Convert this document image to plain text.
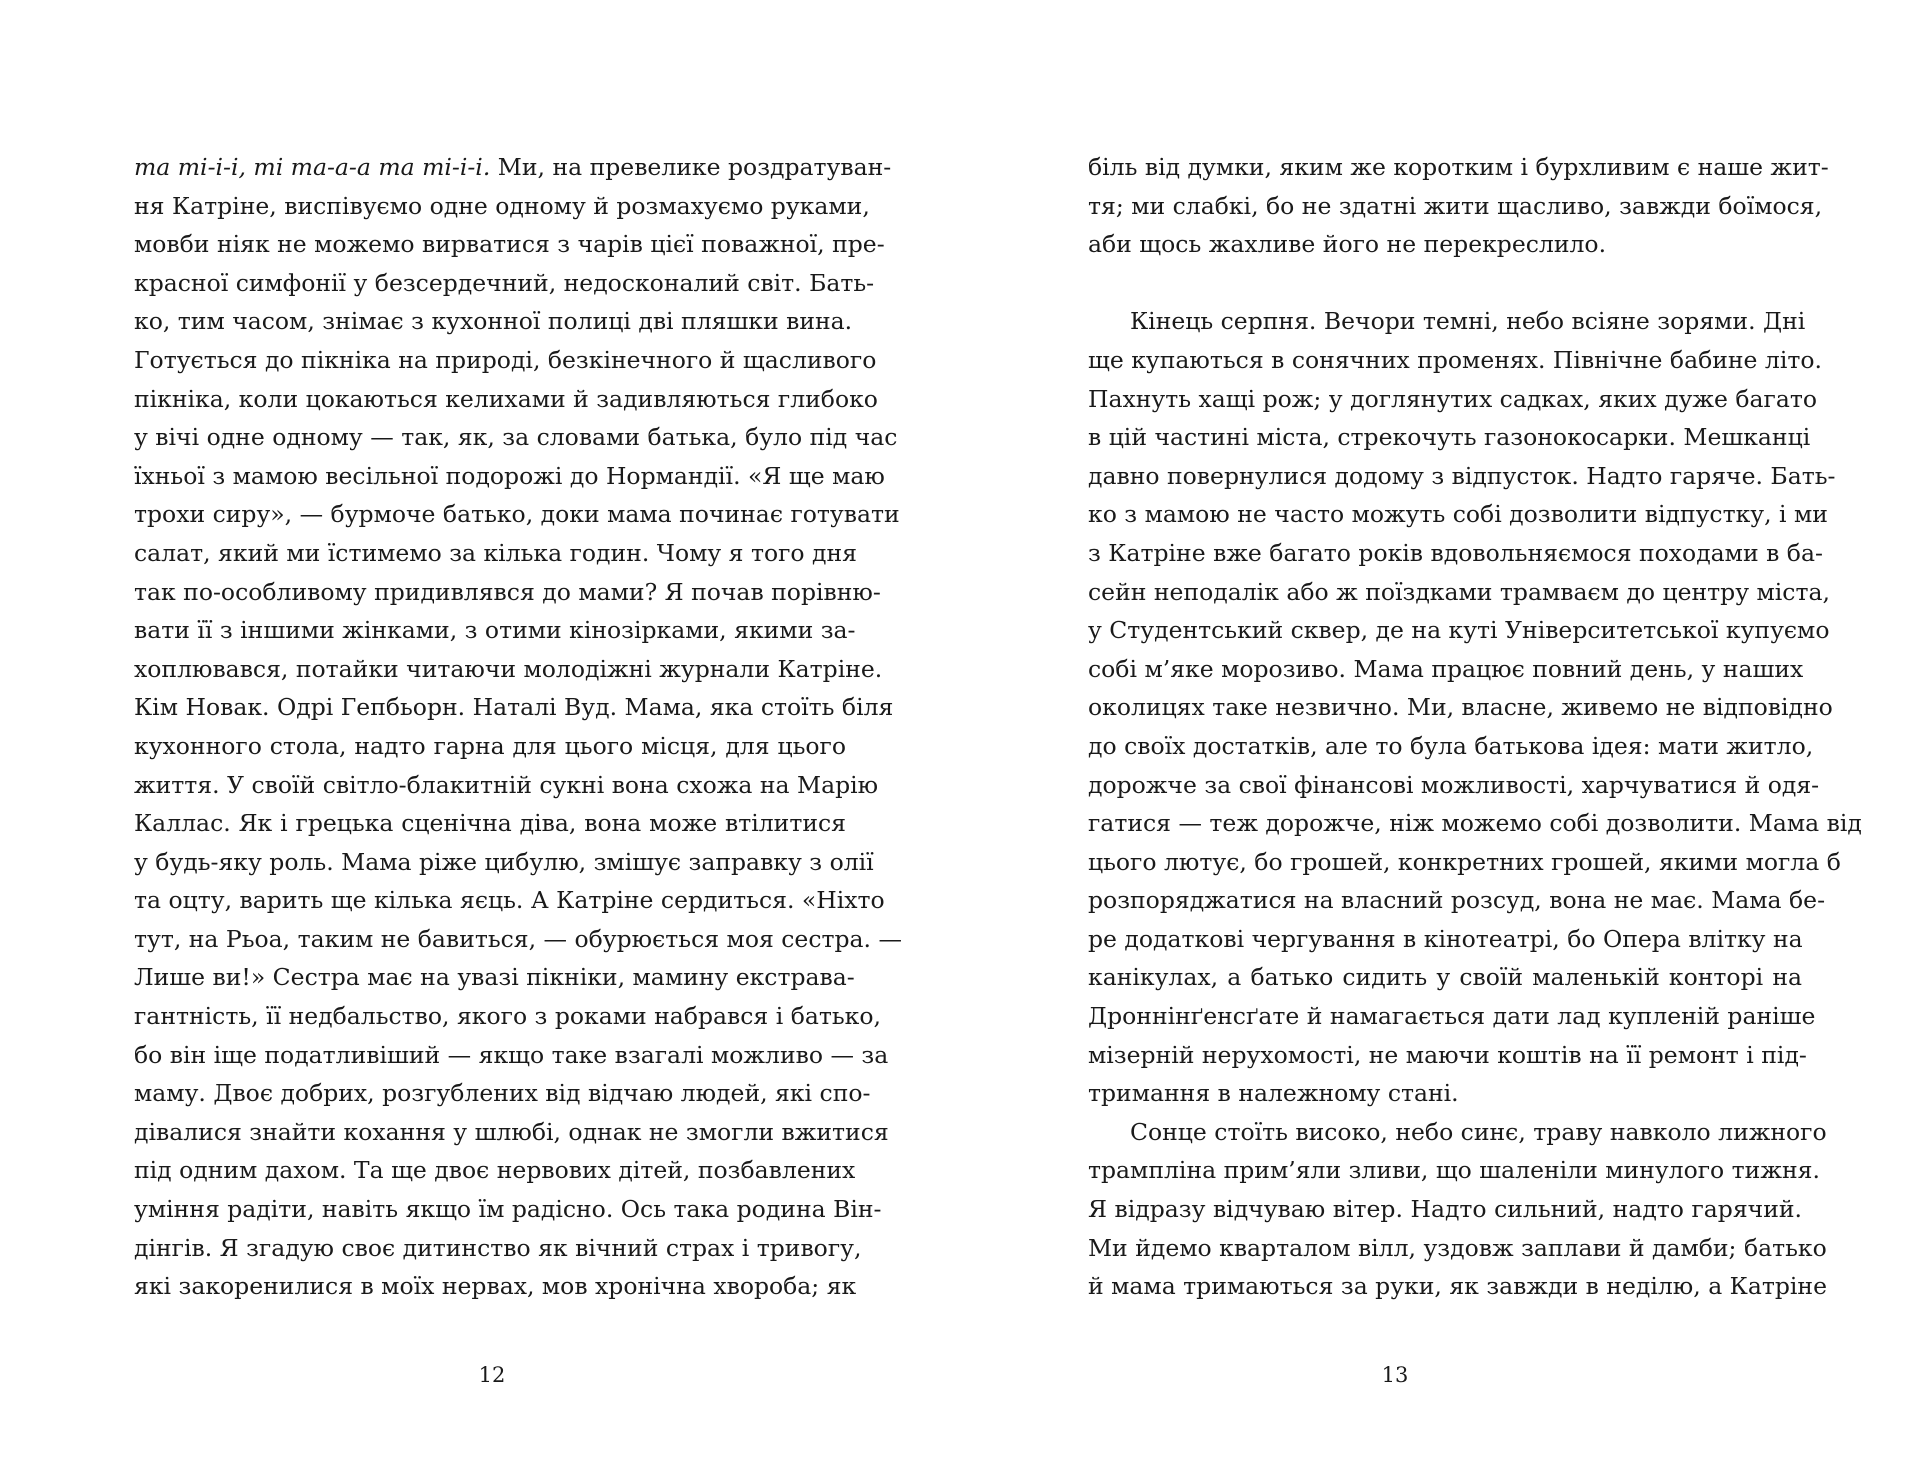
та ті-і-і, ті та-а-а та ті-і-і. Ми, на превелике роздратуван-
ня Катріне, виспівуємо одне одному й розмахуємо руками,
мовби ніяк не можемо вирватися з чарів цієї поважної, пре-
красної симфонії у безсердечний, недосконалий світ. Бать-
ко, тим часом, знімає з кухонної полиці дві пляшки вина.
Готується до пікніка на природі, безкінечного й щасливого
пікніка, коли цокаються келихами й задивляються глибоко
у вічі одне одному — так, як, за словами батька, було під час
їхньої з мамою весільної подорожі до Нормандії. «Я ще маю
трохи сиру», — бурмоче батько, доки мама починає готувати
салат, який ми їстимемо за кілька годин. Чому я того дня
так по-особливому придивлявся до мами? Я почав порівню-
вати її з іншими жінками, з отими кінозірками, якими за-
хоплювався, потайки читаючи молодіжні журнали Катріне.
Кім Новак. Одрі Гепбьорн. Наталі Вуд. Мама, яка стоїть біля
кухонного стола, надто гарна для цього місця, для цього
життя. У своїй світло-блакитній сукні вона схожа на Марію
Каллас. Як і грецька сценічна діва, вона може втілитися
у будь-яку роль. Мама ріже цибулю, змішує заправку з олії
та оцту, варить ще кілька яєць. А Катріне сердиться. «Ніхто
тут, на Рьоа, таким не бавиться, — обурюється моя сестра. —
Лише ви!» Сестра має на увазі пікніки, мамину екстрава-
гантність, її недбальство, якого з роками набрався і батько,
бо він іще податливіший — якщо таке взагалі можливо — за
маму. Двоє добрих, розгублених від відчаю людей, які спо-
дівалися знайти кохання у шлюбі, однак не змогли вжитися
під одним дахом. Та ще двоє нервових дітей, позбавлених
уміння радіти, навіть якщо їм радісно. Ось така родина Він-
дінгів. Я згадую своє дитинство як вічний страх і тривогу,
які закоренилися в моїх нервах, мов хронічна хвороба; як
12
біль від думки, яким же коротким і бурхливим є наше жит-
тя; ми слабкі, бо не здатні жити щасливо, завжди боїмося,
аби щось жахливе його не перекреслило.
Кінець серпня. Вечори темні, небо всіяне зорями. Дні
ще купаються в сонячних променях. Північне бабине літо.
Пахнуть хащі рож; у доглянутих садках, яких дуже багато
в цій частині міста, стрекочуть газонокосарки. Мешканці
давно повернулися додому з відпусток. Надто гаряче. Бать-
ко з мамою не часто можуть собі дозволити відпустку, і ми
з Катріне вже багато років вдовольняємося походами в ба-
сейн неподалік або ж поїздками трамваєм до центру міста,
у Студентський сквер, де на куті Університетської купуємо
собі м’яке морозиво. Мама працює повний день, у наших
околицях таке незвично. Ми, власне, живемо не відповідно
до своїх достатків, але то була батькова ідея: мати житло,
дорожче за свої фінансові можливості, харчуватися й одя-
гатися — теж дорожче, ніж можемо собі дозволити. Мама від
цього лютує, бо грошей, конкретних грошей, якими могла б
розпоряджатися на власний розсуд, вона не має. Мама бе-
ре додаткові чергування в кінотеатрі, бо Опера влітку на
канікулах, а батько сидить у своїй маленькій конторі на
Дроннінґенсґате й намагається дати лад купленій раніше
мізерній нерухомості, не маючи коштів на її ремонт і під-
тримання в належному стані.
Сонце стоїть високо, небо синє, траву навколо лижного
трампліна прим’яли зливи, що шаленіли минулого тижня.
Я відразу відчуваю вітер. Надто сильний, надто гарячий.
Ми йдемо кварталом вілл, уздовж заплави й дамби; батько
й мама тримаються за руки, як завжди в неділю, а Катріне
13
